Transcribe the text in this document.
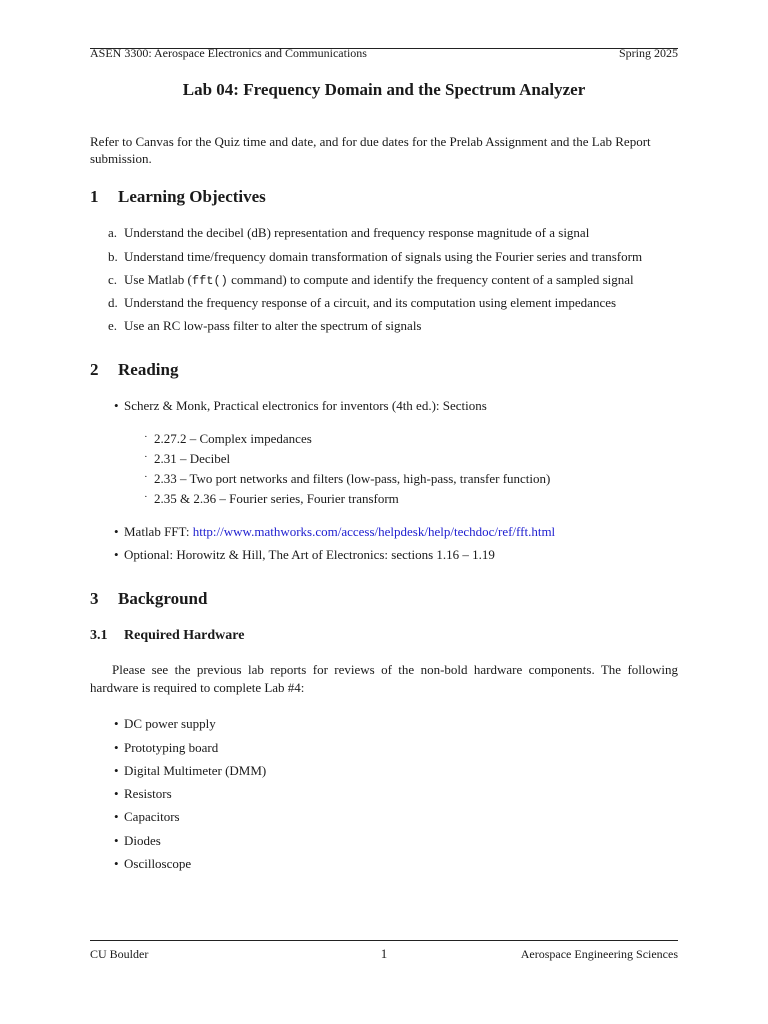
ASEN 3300: Aerospace Electronics and Communications	Spring 2025
Lab 04: Frequency Domain and the Spectrum Analyzer
Refer to Canvas for the Quiz time and date, and for due dates for the Prelab Assignment and the Lab Report submission.
1 Learning Objectives
a. Understand the decibel (dB) representation and frequency response magnitude of a signal
b. Understand time/frequency domain transformation of signals using the Fourier series and transform
c. Use Matlab (fft() command) to compute and identify the frequency content of a sampled signal
d. Understand the frequency response of a circuit, and its computation using element impedances
e. Use an RC low-pass filter to alter the spectrum of signals
2 Reading
• Scherz & Monk, Practical electronics for inventors (4th ed.): Sections
· 2.27.2 – Complex impedances
· 2.31 – Decibel
· 2.33 – Two port networks and filters (low-pass, high-pass, transfer function)
· 2.35 & 2.36 – Fourier series, Fourier transform
• Matlab FFT: http://www.mathworks.com/access/helpdesk/help/techdoc/ref/fft.html
• Optional: Horowitz & Hill, The Art of Electronics: sections 1.16 – 1.19
3 Background
3.1 Required Hardware
Please see the previous lab reports for reviews of the non-bold hardware components. The following hardware is required to complete Lab #4:
• DC power supply
• Prototyping board
• Digital Multimeter (DMM)
• Resistors
• Capacitors
• Diodes
• Oscilloscope
CU Boulder	1	Aerospace Engineering Sciences
